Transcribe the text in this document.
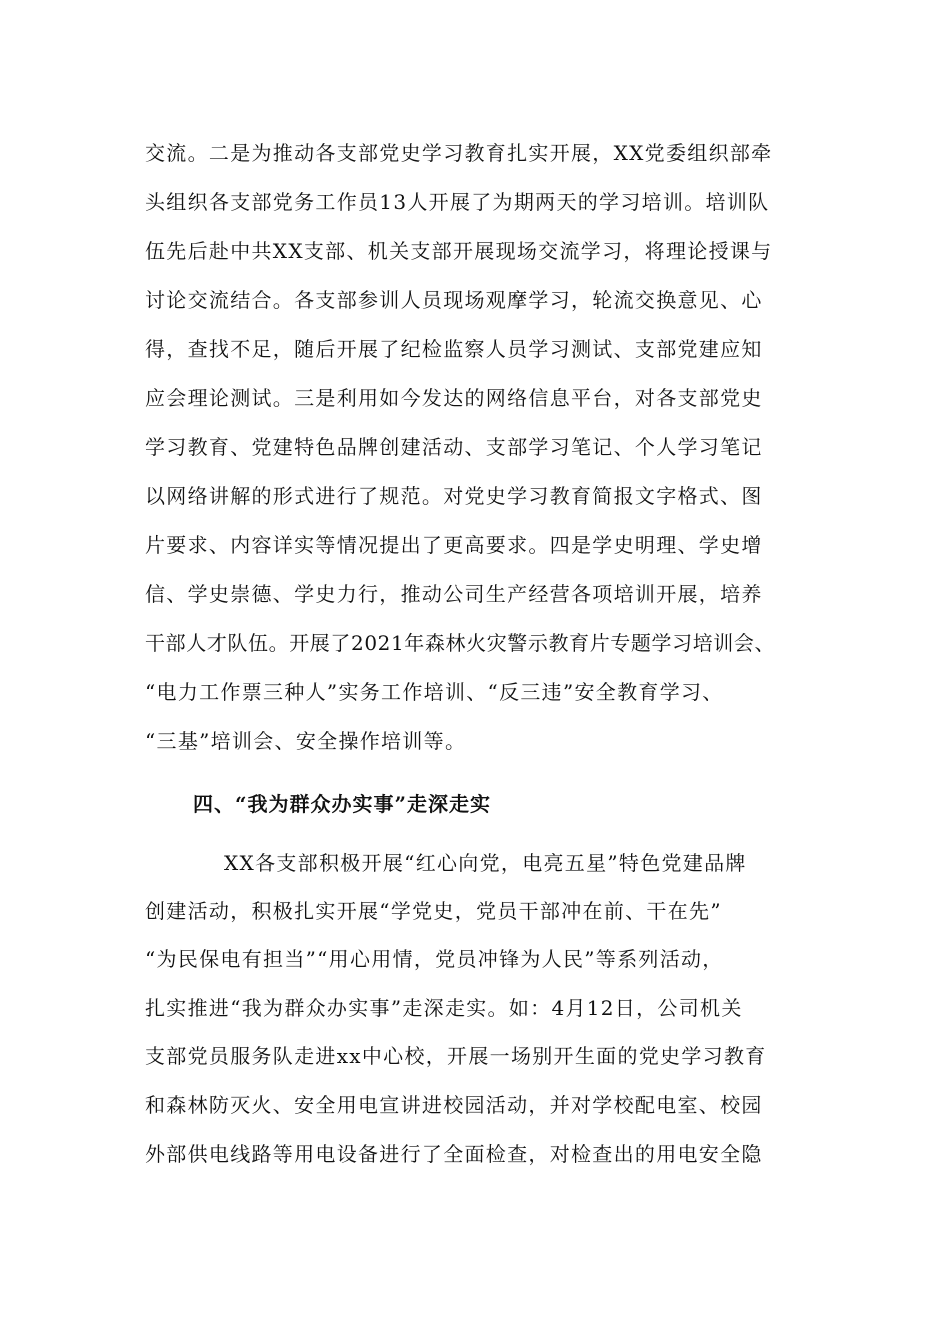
交流。二是为推动各支部党史学习教育扎实开展，XX党委组织部牵
头组织各支部党务工作员13人开展了为期两天的学习培训。培训队
伍先后赴中共XX支部、机关支部开展现场交流学习，将理论授课与
讨论交流结合。各支部参训人员现场观摩学习，轮流交换意见、心
得，查找不足，随后开展了纪检监察人员学习测试、支部党建应知
应会理论测试。三是利用如今发达的网络信息平台，对各支部党史
学习教育、党建特色品牌创建活动、支部学习笔记、个人学习笔记
以网络讲解的形式进行了规范。对党史学习教育简报文字格式、图
片要求、内容详实等情况提出了更高要求。四是学史明理、学史增
信、学史崇德、学史力行，推动公司生产经营各项培训开展，培养
干部人才队伍。开展了2021年森林火灾警示教育片专题学习培训会、
“电力工作票三种人”实务工作培训、“反三违”安全教育学习、
“三基”培训会、安全操作培训等。
四、“我为群众办实事”走深走实
XX各支部积极开展“红心向党，电亮五星”特色党建品牌
创建活动，积极扎实开展“学党史，党员干部冲在前、干在先”
“为民保电有担当”“用心用情，党员冲锋为人民”等系列活动，
扎实推进“我为群众办实事”走深走实。如：4月12日，公司机关
支部党员服务队走进xx中心校，开展一场别开生面的党史学习教育
和森林防灭火、安全用电宣讲进校园活动，并对学校配电室、校园
外部供电线路等用电设备进行了全面检查，对检查出的用电安全隐
